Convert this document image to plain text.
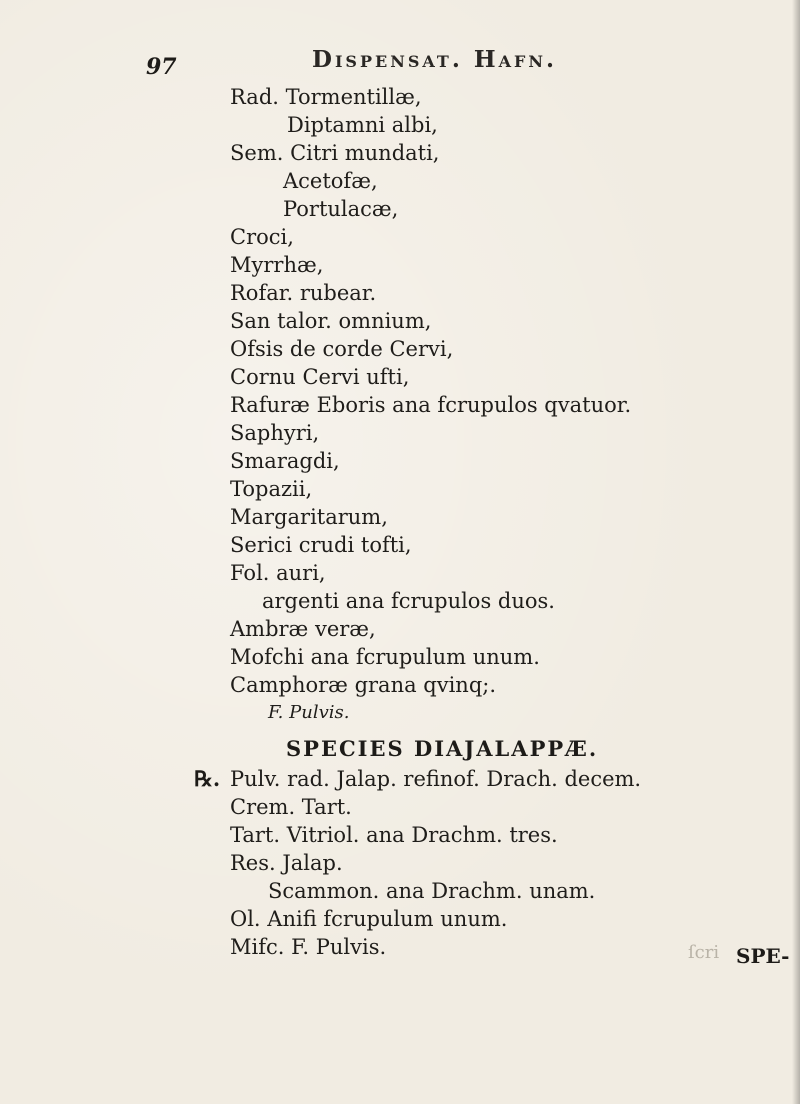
97	Dispensat. Hafn.
Rad. Tormentillæ,
Diptamni albi,
Sem. Citri mundati,
Acetofæ,
Portulacæ,
Croci,
Myrrhæ,
Rofar. rubear.
San talor. omnium,
Ofsis de corde Cervi,
Cornu Cervi ufti,
Rafuræ Eboris ana fcrupulos qvatuor.
Saphyri,
Smaragdi,
Topazii,
Margaritarum,
Serici crudi tofti,
Fol. auri,
argenti ana fcrupulos duos.
Ambræ veræ,
Mofchi ana fcrupulum unum.
Camphoræ grana qvinq;.
F. Pulvis.
SPECIES DIAJALAPPÆ.
℞. Pulv. rad. Jalap. refinof. Drach. decem.
Crem. Tart.
Tart. Vitriol. ana Drachm. tres.
Res. Jalap.
Scammon. ana Drachm. unam.
Ol. Anifi fcrupulum unum.
Mifc. F. Pulvis.	SPE-
ſcri
